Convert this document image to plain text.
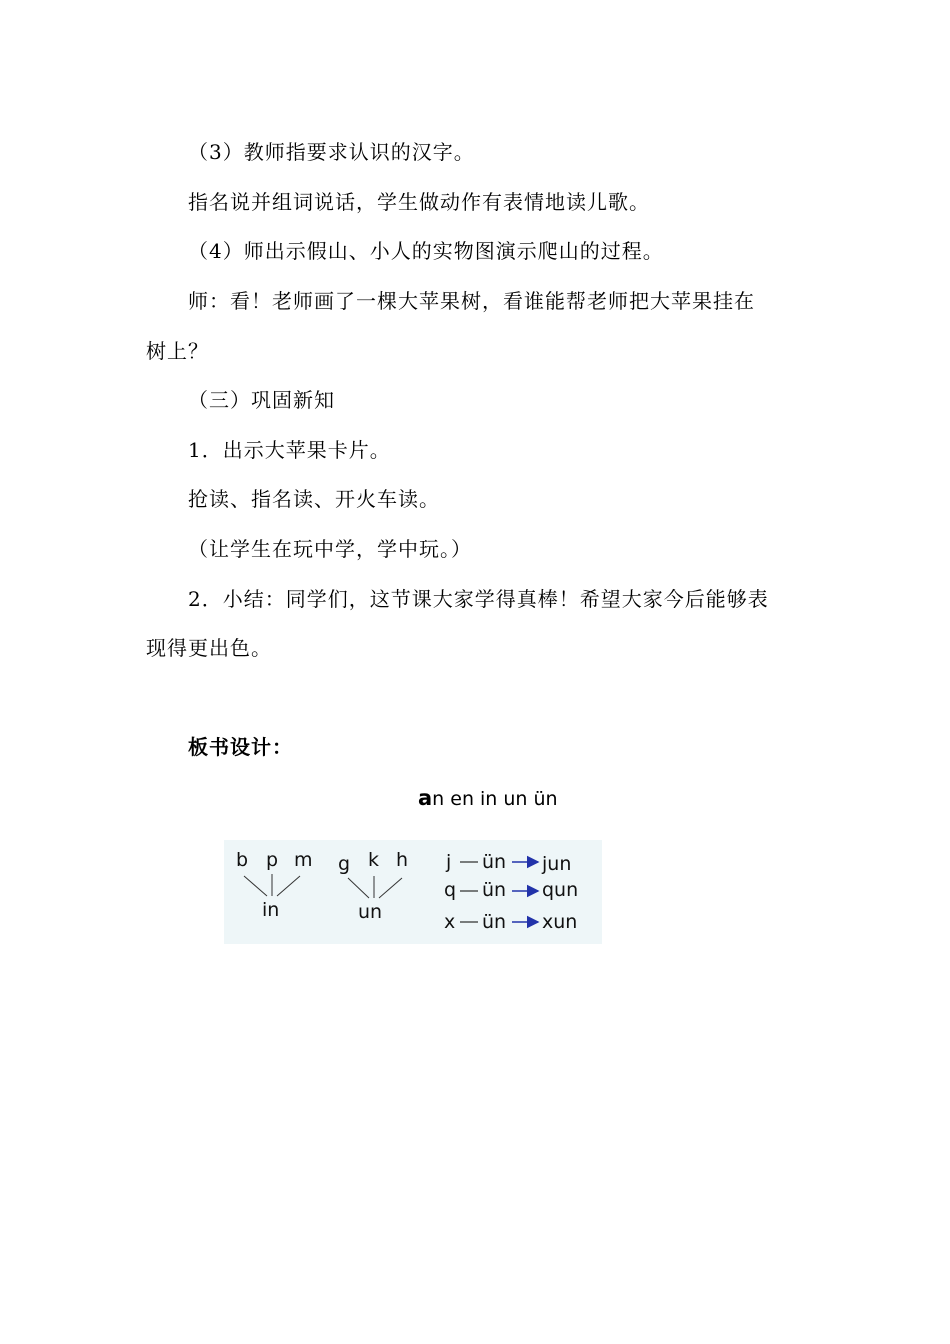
（3）教师指要求认识的汉字。
指名说并组词说话，学生做动作有表情地读儿歌。
（4）师出示假山、小人的实物图演示爬山的过程。
师：看！老师画了一棵大苹果树，看谁能帮老师把大苹果挂在
树上？
（三）巩固新知
1．出示大苹果卡片。
抢读、指名读、开火车读。
（让学生在玩中学，学中玩。）
2．小结：同学们，这节课大家学得真棒！希望大家今后能够表
现得更出色。
板书设计：
an en in un ün
b p m
in
g k h
un
j ün jun
q ün qun
x ün xun
